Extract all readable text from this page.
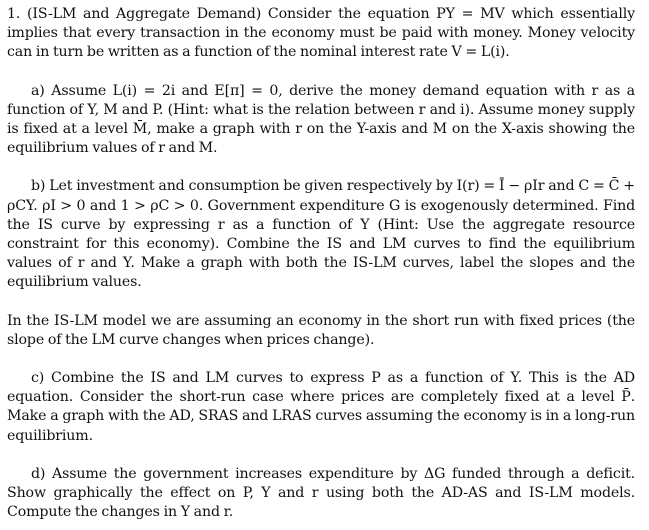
1. (IS-LM and Aggregate Demand) Consider the equation PY = MV which essentially implies that every transaction in the economy must be paid with money. Money velocity can in turn be written as a function of the nominal interest rate V = L(i).

a) Assume L(i) = 2i and E[π] = 0, derive the money demand equation with r as a function of Y, M and P. (Hint: what is the relation between r and i). Assume money supply is fixed at a level M̄, make a graph with r on the Y-axis and M on the X-axis showing the equilibrium values of r and M.

b) Let investment and consumption be given respectively by I(r) = Ī − ρIr and C = C̄ + ρCY. ρI > 0 and 1 > ρC > 0. Government expenditure G is exogenously determined. Find the IS curve by expressing r as a function of Y (Hint: Use the aggregate resource constraint for this economy). Combine the IS and LM curves to find the equilibrium values of r and Y. Make a graph with both the IS-LM curves, label the slopes and the equilibrium values.

In the IS-LM model we are assuming an economy in the short run with fixed prices (the slope of the LM curve changes when prices change).

c) Combine the IS and LM curves to express P as a function of Y. This is the AD equation. Consider the short-run case where prices are completely fixed at a level P̄. Make a graph with the AD, SRAS and LRAS curves assuming the economy is in a long-run equilibrium.

d) Assume the government increases expenditure by ΔG funded through a deficit. Show graphically the effect on P, Y and r using both the AD-AS and IS-LM models. Compute the changes in Y and r.
